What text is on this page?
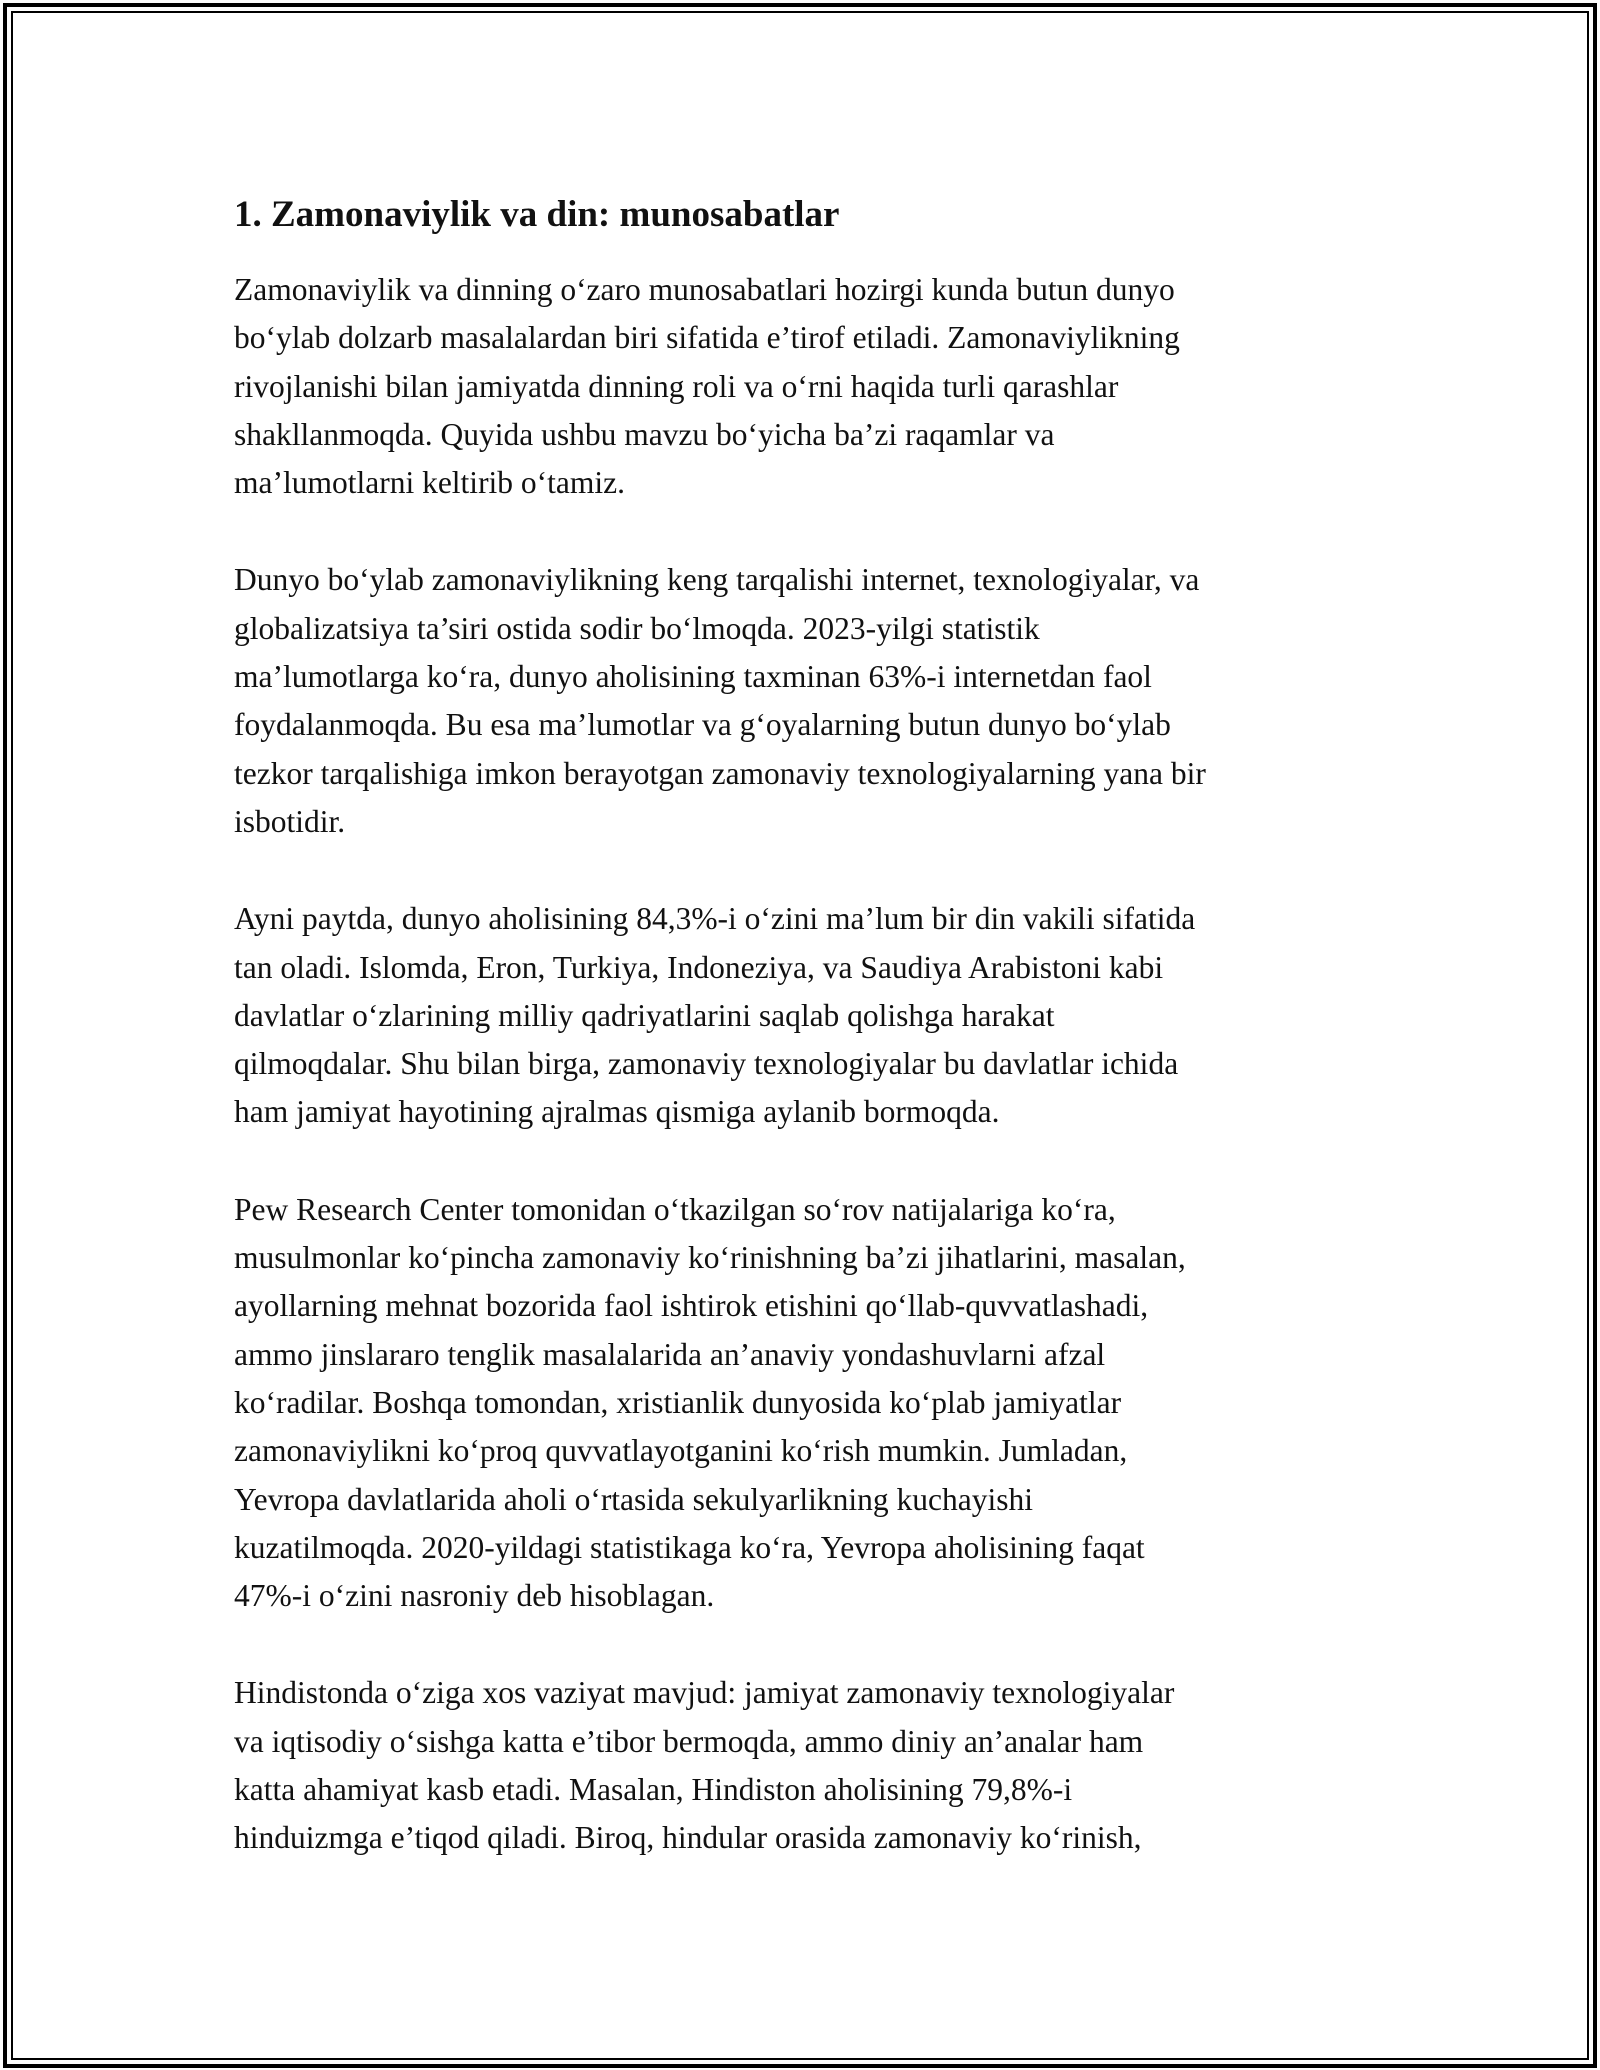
1. Zamonaviylik va din: munosabatlar

Zamonaviylik va dinning o‘zaro munosabatlari hozirgi kunda butun dunyo
bo‘ylab dolzarb masalalardan biri sifatida e’tirof etiladi. Zamonaviylikning
rivojlanishi bilan jamiyatda dinning roli va o‘rni haqida turli qarashlar
shakllanmoqda. Quyida ushbu mavzu bo‘yicha ba’zi raqamlar va
ma’lumotlarni keltirib o‘tamiz.

Dunyo bo‘ylab zamonaviylikning keng tarqalishi internet, texnologiyalar, va
globalizatsiya ta’siri ostida sodir bo‘lmoqda. 2023-yilgi statistik
ma’lumotlarga ko‘ra, dunyo aholisining taxminan 63%-i internetdan faol
foydalanmoqda. Bu esa ma’lumotlar va g‘oyalarning butun dunyo bo‘ylab
tezkor tarqalishiga imkon berayotgan zamonaviy texnologiyalarning yana bir
isbotidir.

Ayni paytda, dunyo aholisining 84,3%-i o‘zini ma’lum bir din vakili sifatida
tan oladi. Islomda, Eron, Turkiya, Indoneziya, va Saudiya Arabistoni kabi
davlatlar o‘zlarining milliy qadriyatlarini saqlab qolishga harakat
qilmoqdalar. Shu bilan birga, zamonaviy texnologiyalar bu davlatlar ichida
ham jamiyat hayotining ajralmas qismiga aylanib bormoqda.

Pew Research Center tomonidan o‘tkazilgan so‘rov natijalariga ko‘ra,
musulmonlar ko‘pincha zamonaviy ko‘rinishning ba’zi jihatlarini, masalan,
ayollarning mehnat bozorida faol ishtirok etishini qo‘llab-quvvatlashadi,
ammo jinslararo tenglik masalalarida an’anaviy yondashuvlarni afzal
ko‘radilar. Boshqa tomondan, xristianlik dunyosida ko‘plab jamiyatlar
zamonaviylikni ko‘proq quvvatlayotganini ko‘rish mumkin. Jumladan,
Yevropa davlatlarida aholi o‘rtasida sekulyarlikning kuchayishi
kuzatilmoqda. 2020-yildagi statistikaga ko‘ra, Yevropa aholisining faqat
47%-i o‘zini nasroniy deb hisoblagan.

Hindistonda o‘ziga xos vaziyat mavjud: jamiyat zamonaviy texnologiyalar
va iqtisodiy o‘sishga katta e’tibor bermoqda, ammo diniy an’analar ham
katta ahamiyat kasb etadi. Masalan, Hindiston aholisining 79,8%-i
hinduizmga e’tiqod qiladi. Biroq, hindular orasida zamonaviy ko‘rinish,
